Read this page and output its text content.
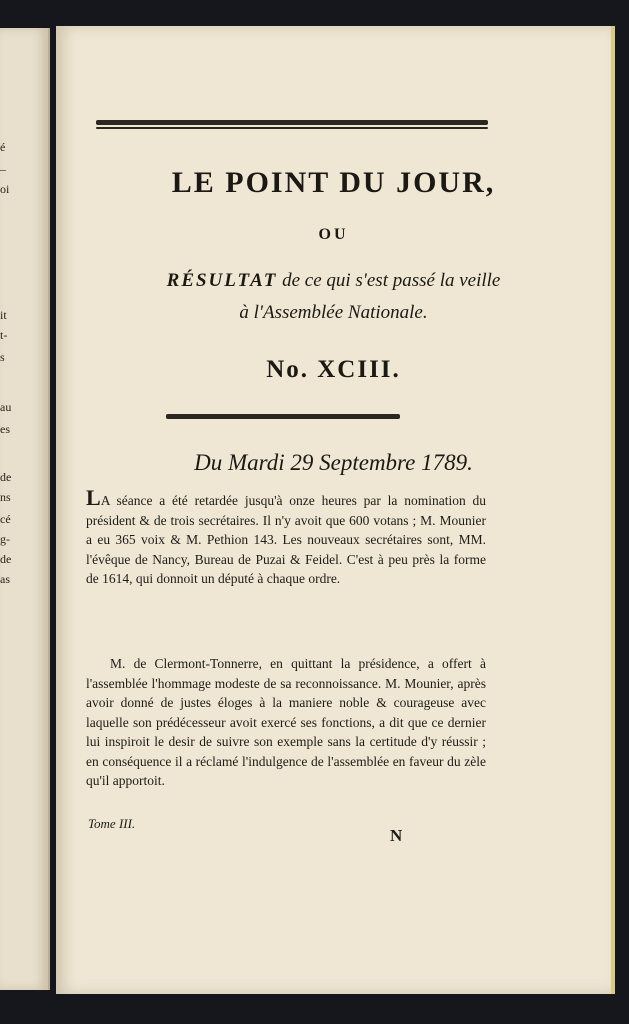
é
–
oi
it
t-
s
au
es
de
ns
cé
g-
de
as
LE POINT DU JOUR,
OU
RÉSULTAT de ce qui s'est passé la veille
à l'Assemblée Nationale.
No. XCIII.
Du Mardi 29 Septembre 1789.
LA séance a été retardée jusqu'à onze heures par la nomination du président & de trois secrétaires. Il n'y avoit que 600 votans ; M. Mounier a eu 365 voix & M. Pethion 143. Les nouveaux secrétaires sont, MM. l'évêque de Nancy, Bureau de Puzai & Feidel. C'est à peu près la forme de 1614, qui donnoit un député à chaque ordre.
M. de Clermont-Tonnerre, en quittant la présidence, a offert à l'assemblée l'hommage modeste de sa reconnoissance. M. Mounier, après avoir donné de justes éloges à la maniere noble & courageuse avec laquelle son prédécesseur avoit exercé ses fonctions, a dit que ce dernier lui inspiroit le desir de suivre son exemple sans la certitude d'y réussir ; en conséquence il a réclamé l'indulgence de l'assemblée en faveur du zèle qu'il apportoit.
Tome III.
N
